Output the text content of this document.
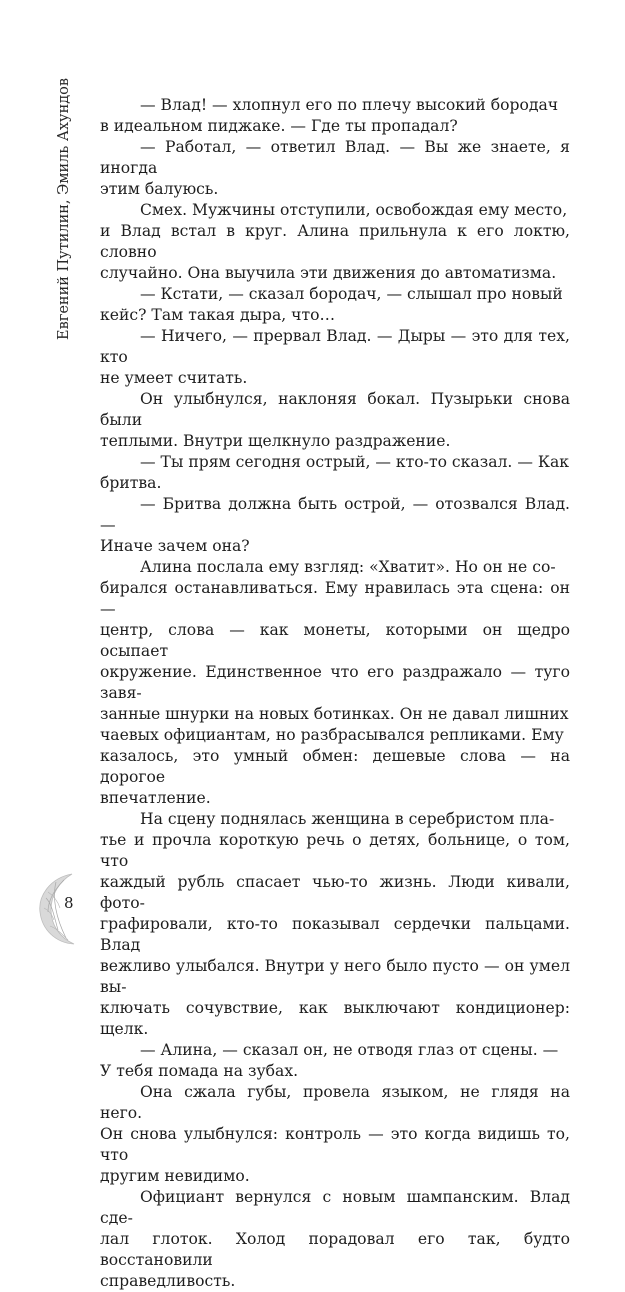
Евгений Путилин, Эмиль Ахундов	— Влад! — хлопнул его по плечу высокий бородач
в идеальном пиджаке. — Где ты пропадал?
— Работал, — ответил Влад. — Вы же знаете, я иногда
этим балуюсь.
Смех. Мужчины отступили, освобождая ему место,
и Влад встал в круг. Алина прильнула к его локтю, словно
случайно. Она выучила эти движения до автоматизма.
— Кстати, — сказал бородач, — слышал про новый
кейс? Там такая дыра, что…
— Ничего, — прервал Влад. — Дыры — это для тех, кто
не умеет считать.
Он улыбнулся, наклоняя бокал. Пузырьки снова были
теплыми. Внутри щелкнуло раздражение.
— Ты прям сегодня острый, — кто-то сказал. — Как
бритва.
— Бритва должна быть острой, — отозвался Влад. —
Иначе зачем она?
Алина послала ему взгляд: «Хватит». Но он не со-
бирался останавливаться. Ему нравилась эта сцена: он —
центр, слова — как монеты, которыми он щедро осыпает
окружение. Единственное что его раздражало — туго завя-
занные шнурки на новых ботинках. Он не давал лишних
чаевых официантам, но разбрасывался репликами. Ему
казалось, это умный обмен: дешевые слова — на дорогое
впечатление.
На сцену поднялась женщина в серебристом пла-
тье и прочла короткую речь о детях, больнице, о том, что
каждый рубль спасает чью-то жизнь. Люди кивали, фото-
графировали, кто-то показывал сердечки пальцами. Влад
вежливо улыбался. Внутри у него было пусто — он умел вы-
ключать сочувствие, как выключают кондиционер: щелк.
— Алина, — сказал он, не отводя глаз от сцены. —
У тебя помада на зубах.
Она сжала губы, провела языком, не глядя на него.
Он снова улыбнулся: контроль — это когда видишь то, что
другим невидимо.
Официант вернулся с новым шампанским. Влад сде-
лал глоток. Холод порадовал его так, будто восстановили
справедливость.
8
